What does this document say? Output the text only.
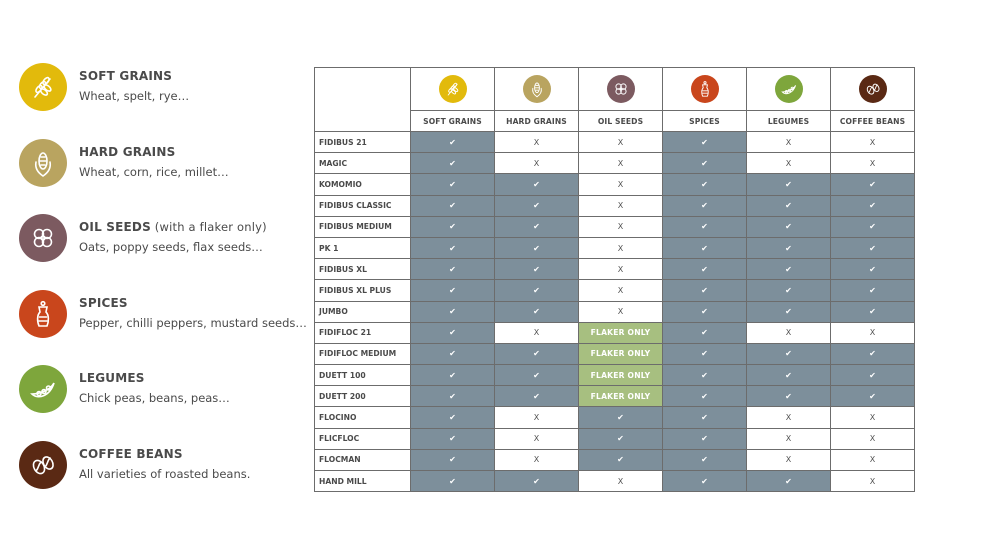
SOFT GRAINS
Wheat, spelt, rye…
HARD GRAINS
Wheat, corn, rice, millet…
OIL SEEDS (with a flaker only)
Oats, poppy seeds, flax seeds…
SPICES
Pepper, chilli peppers, mustard seeds…
LEGUMES
Chick peas, beans, peas…
COFFEE BEANS
All varieties of roasted beans.

	SOFT GRAINS	HARD GRAINS	OIL SEEDS	SPICES	LEGUMES	COFFEE BEANS
FIDIBUS 21	✔	X	X	✔	X	X
MAGIC	✔	X	X	✔	X	X
KOMOMIO	✔	✔	X	✔	✔	✔
FIDIBUS CLASSIC	✔	✔	X	✔	✔	✔
FIDIBUS MEDIUM	✔	✔	X	✔	✔	✔
PK 1	✔	✔	X	✔	✔	✔
FIDIBUS XL	✔	✔	X	✔	✔	✔
FIDIBUS XL PLUS	✔	✔	X	✔	✔	✔
JUMBO	✔	✔	X	✔	✔	✔
FIDIFLOC 21	✔	X	FLAKER ONLY	✔	X	X
FIDIFLOC MEDIUM	✔	✔	FLAKER ONLY	✔	✔	✔
DUETT 100	✔	✔	FLAKER ONLY	✔	✔	✔
DUETT 200	✔	✔	FLAKER ONLY	✔	✔	✔
FLOCINO	✔	X	✔	✔	X	X
FLICFLOC	✔	X	✔	✔	X	X
FLOCMAN	✔	X	✔	✔	X	X
HAND MILL	✔	✔	X	✔	✔	X
